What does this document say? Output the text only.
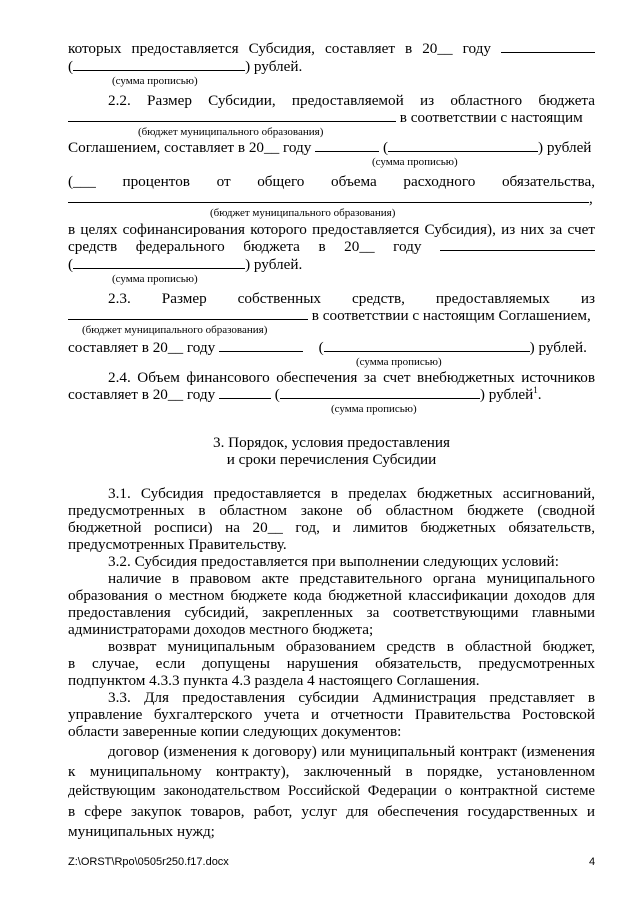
которых предоставляется Субсидия, составляет в 20__ году
(	) рублей.
(сумма прописью)
2.2. Размер Субсидии, предоставляемой из областного бюджета
в соответствии с настоящим
(бюджет муниципального образования)
Соглашением, составляет в 20__ году	(	) рублей
(сумма прописью)
(___ процентов от общего объема расходного обязательства,
,
(бюджет муниципального образования)
в целях софинансирования которого предоставляется Субсидия), из них за счет
средств федерального бюджета в 20__ году
(	) рублей.
(сумма прописью)
2.3. Размер собственных средств, предоставляемых из
в соответствии с настоящим Соглашением,
(бюджет муниципального образования)
составляет в 20__ году	(	) рублей.
(сумма прописью)
2.4. Объем финансового обеспечения за счет внебюджетных источников
составляет в 20__ году	(	) рублей$^1$.
(сумма прописью)
3. Порядок, условия предоставления
и сроки перечисления Субсидии
3.1. Субсидия предоставляется в пределах бюджетных ассигнований,
предусмотренных в областном законе об областном бюджете (сводной
бюджетной росписи) на 20__ год, и лимитов бюджетных обязательств,
предусмотренных Правительству.
3.2. Субсидия предоставляется при выполнении следующих условий:
наличие в правовом акте представительного органа муниципального
образования о местном бюджете кода бюджетной классификации доходов для
предоставления субсидий, закрепленных за соответствующими главными
администраторами доходов местного бюджета;
возврат муниципальным образованием средств в областной бюджет,
в случае, если допущены нарушения обязательств, предусмотренных
подпунктом 4.3.3 пункта 4.3 раздела 4 настоящего Соглашения.
3.3. Для предоставления субсидии Администрация представляет в
управление бухгалтерского учета и отчетности Правительства Ростовской
области заверенные копии следующих документов:
договор (изменения к договору) или муниципальный контракт (изменения
к муниципальному контракту), заключенный в порядке, установленном
действующим законодательством Российской Федерации о контрактной системе
в сфере закупок товаров, работ, услуг для обеспечения государственных и
муниципальных нужд;
Z:\ORST\Rpo\0505r250.f17.docx	4
